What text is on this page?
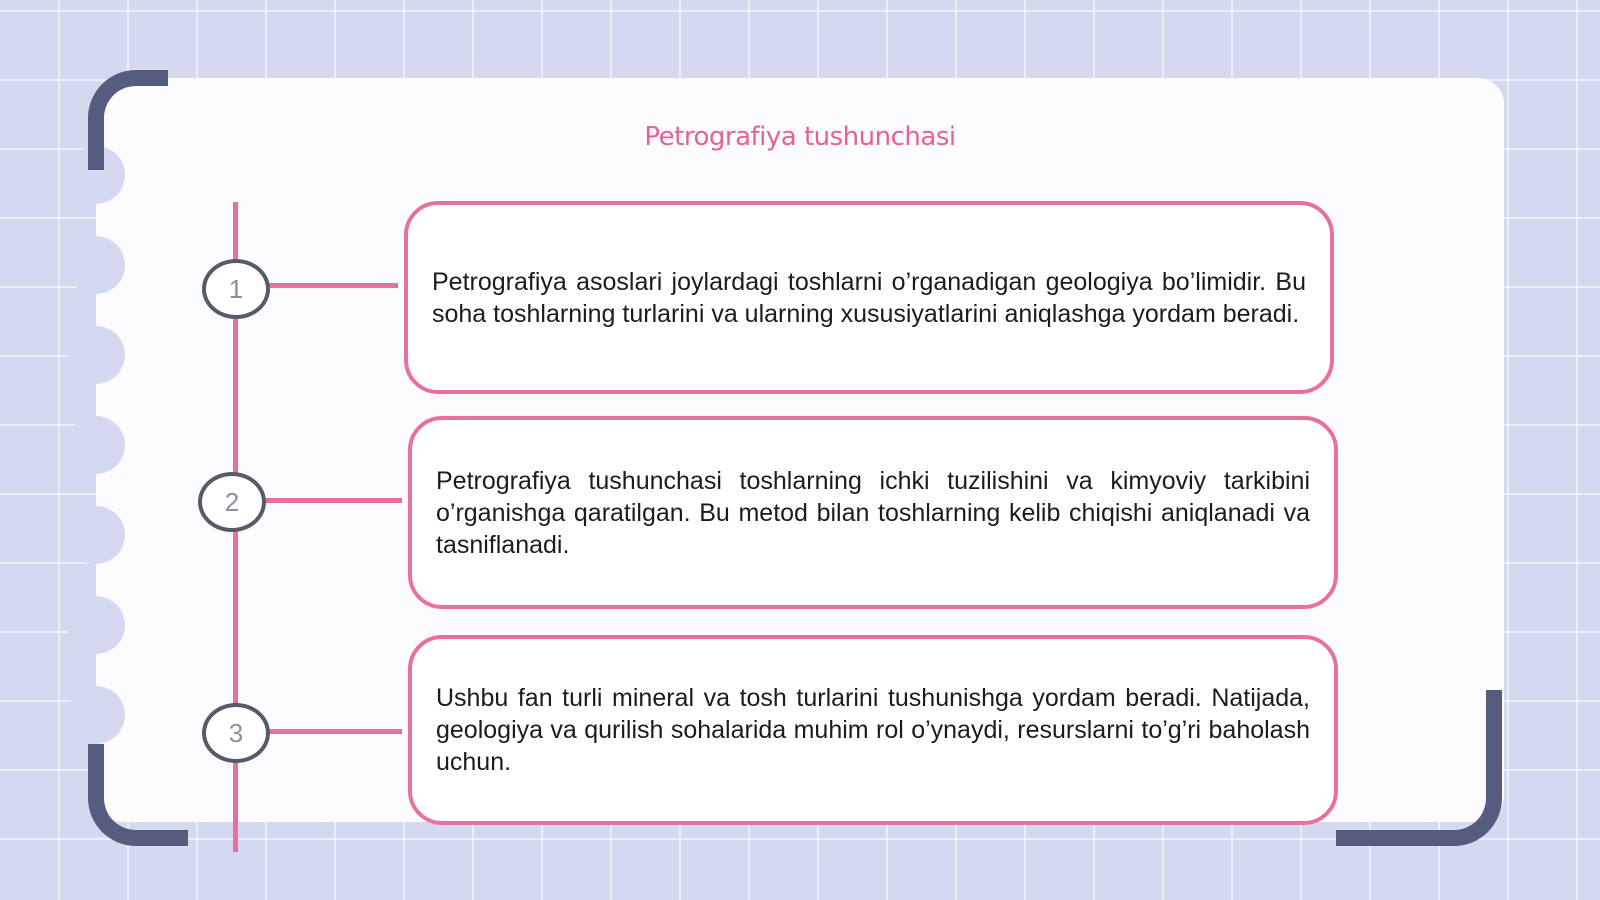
Petrografiya tushunchasi
1	Petrografiya asoslari joylardagi toshlarni o’rganadigan geologiya bo’limidir. Bu soha toshlarning turlarini va ularning xususiyatlarini aniqlashga yordam beradi.

2

Petrografiya tushunchasi toshlarning ichki tuzilishini va kimyoviy tarkibini o’rganishga qaratilgan. Bu metod bilan toshlarning kelib chiqishi aniqlanadi va tasniflanadi.

3

Ushbu fan turli mineral va tosh turlarini tushunishga yordam beradi. Natijada, geologiya va qurilish sohalarida muhim rol o’ynaydi, resurslarni to’g’ri baholash uchun.
